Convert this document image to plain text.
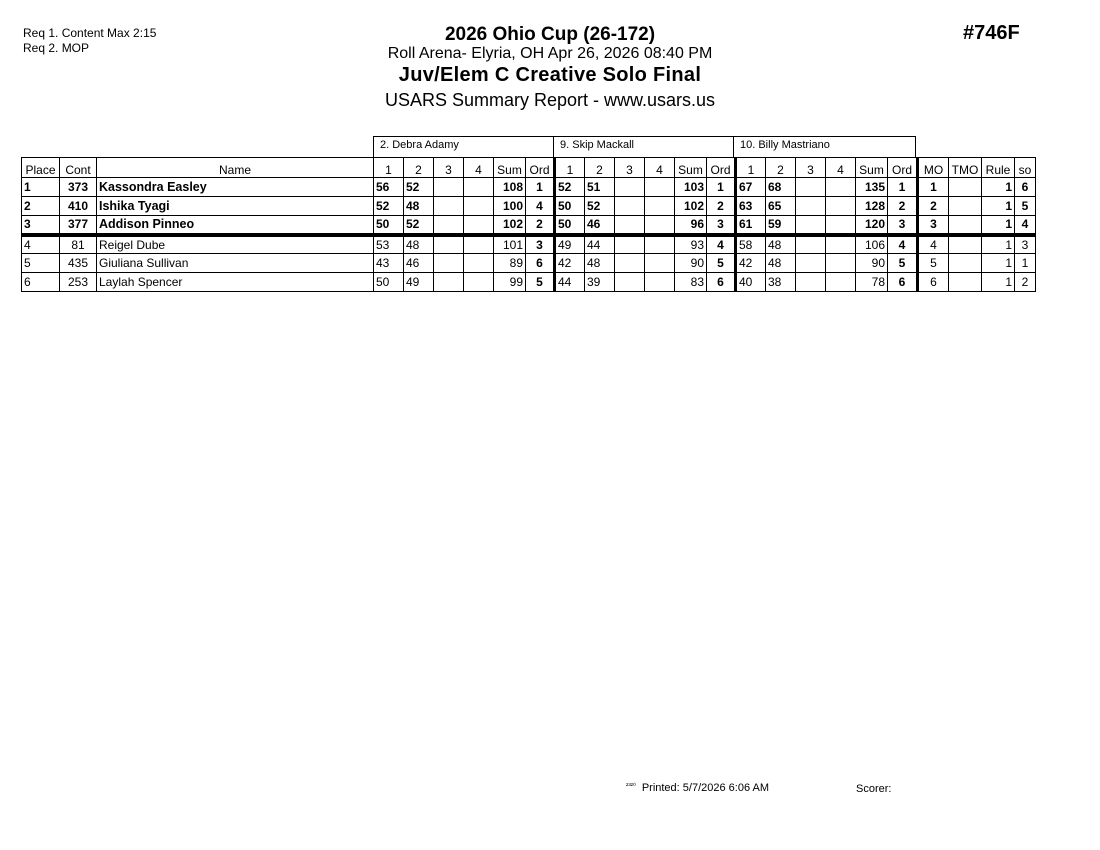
Req 1. Content Max 2:15
Req 2. MOP
2026 Ohio Cup (26-172)
Roll Arena- Elyria, OH Apr 26, 2026 08:40 PM
Juv/Elem C Creative Solo Final
USARS Summary Report - www.usars.us
#746F
2. Debra Adamy	9. Skip Mackall	10. Billy Mastriano
Place	Cont	Name	1	2	3	4	Sum	Ord	1	2	3	4	Sum	Ord	1	2	3	4	Sum	Ord	MO	TMO	Rule	so
1	373	Kassondra Easley	56	52			108	1	52	51			103	1	67	68			135	1	1		1	6
2	410	Ishika Tyagi	52	48			100	4	50	52			102	2	63	65			128	2	2		1	5
3	377	Addison Pinneo	50	52			102	2	50	46			96	3	61	59			120	3	3		1	4
4	81	Reigel Dube	53	48			101	3	49	44			93	4	58	48			106	4	4		1	3
5	435	Giuliana Sullivan	43	46			89	6	42	48			90	5	42	48			90	5	5		1	1
6	253	Laylah Spencer	50	49			99	5	44	39			83	6	40	38			78	6	6		1	2
$^{^{2320}}$ Printed: 5/7/2026 6:06 AM	Scorer:
